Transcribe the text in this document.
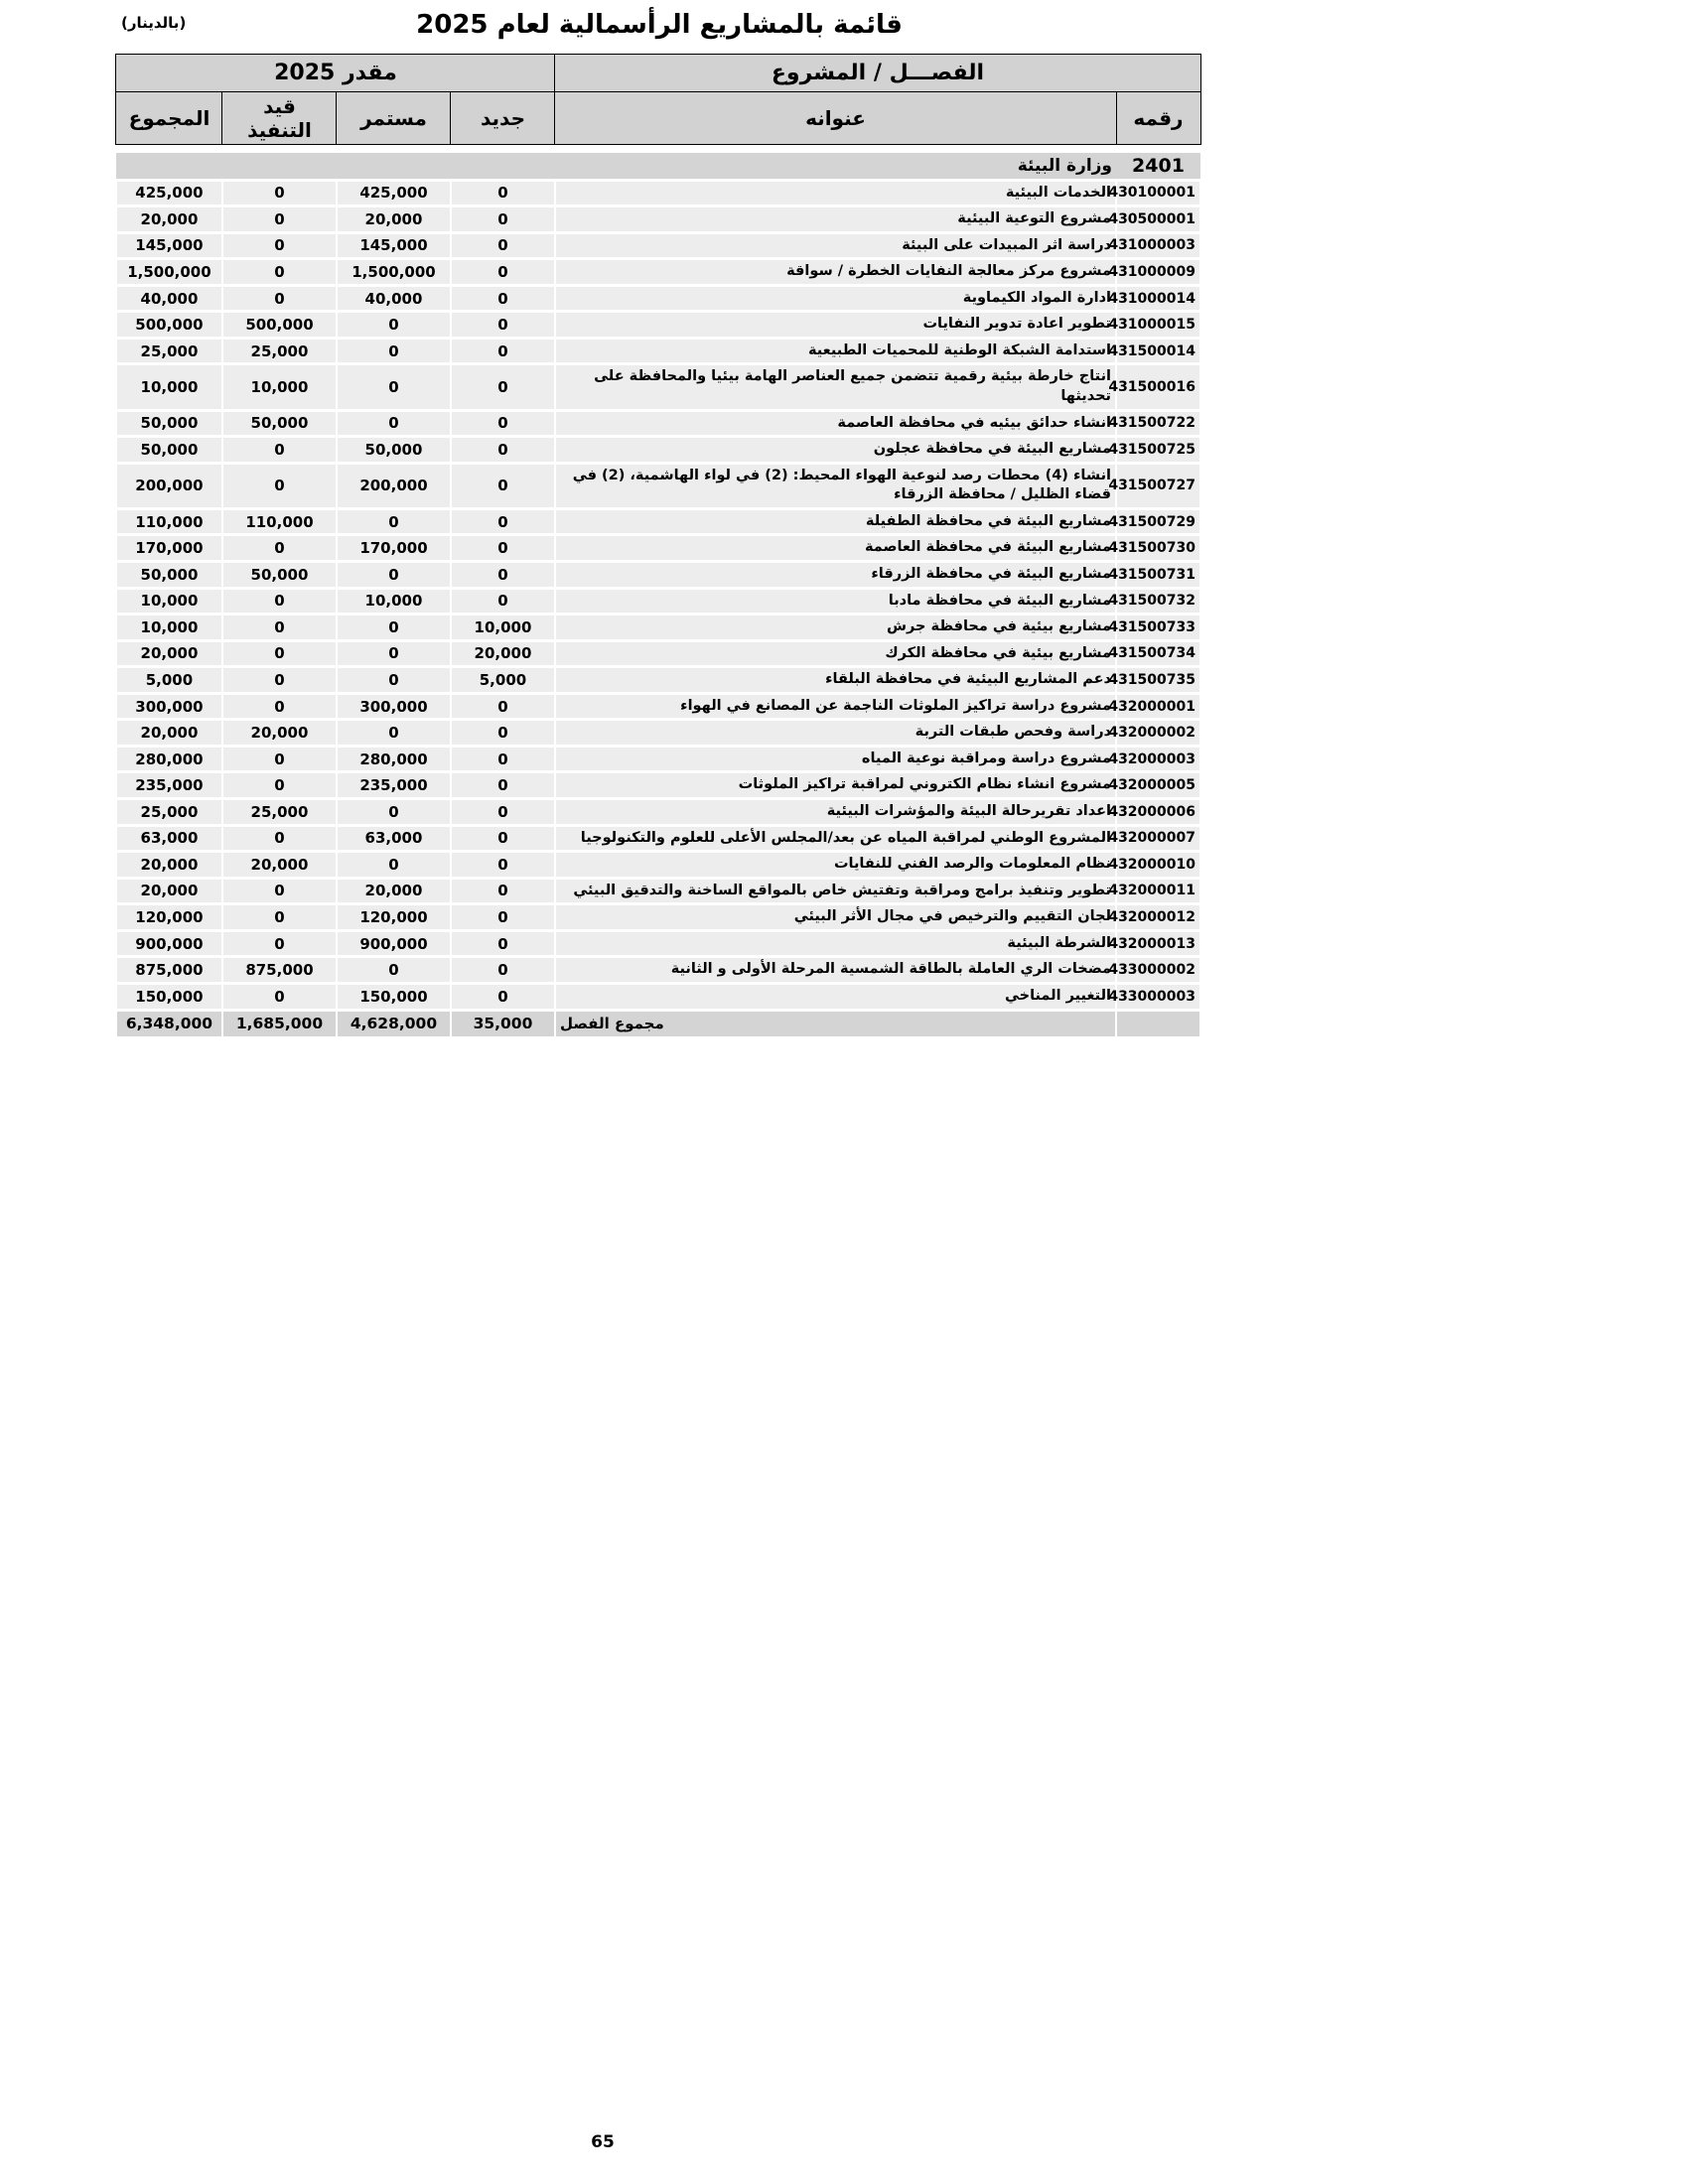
(بالدينار)	قائمة بالمشاريع الرأسمالية لعام 2025
الفصـــل / المشروع		مقدر 2025			
رقمه	عنوانه	جديد	مستمر	قيد التنفيذ	المجموع

2401	وزارة البيئة				
430100001	الخدمات البيئية	0	425,000	0	425,000
430500001	مشروع التوعية البيئية	0	20,000	0	20,000
431000003	دراسة اثر المبيدات على البيئة	0	145,000	0	145,000
431000009	مشروع مركز معالجة النفايات الخطرة / سواقة	0	1,500,000	0	1,500,000
431000014	ادارة المواد الكيماوية	0	40,000	0	40,000
431000015	تطوير اعادة تدوير النفايات	0	0	500,000	500,000
431500014	استدامة الشبكة الوطنية للمحميات الطبيعية	0	0	25,000	25,000
431500016	انتاج خارطة بيئية رقمية تتضمن جميع العناصر الهامة بيئيا والمحافظة على تحديثها	0	0	10,000	10,000
431500722	انشاء حدائق بيئيه في محافظة العاصمة	0	0	50,000	50,000
431500725	مشاريع البيئة في محافظة عجلون	0	50,000	0	50,000
431500727	انشاء (4) محطات رصد لنوعية الهواء المحيط: (2) في لواء الهاشمية، (2) في قضاء الظليل / محافظة الزرقاء	0	200,000	0	200,000
431500729	مشاريع البيئة في محافظة الطفيلة	0	0	110,000	110,000
431500730	مشاريع البيئة في محافظة العاصمة	0	170,000	0	170,000
431500731	مشاريع البيئة في محافظة الزرقاء	0	0	50,000	50,000
431500732	مشاريع البيئة في محافظة مادبا	0	10,000	0	10,000
431500733	مشاريع بيئية في محافظة جرش	10,000	0	0	10,000
431500734	مشاريع بيئية في محافظة الكرك	20,000	0	0	20,000
431500735	دعم المشاريع البيئية في محافظة البلقاء	5,000	0	0	5,000
432000001	مشروع دراسة تراكيز الملوثات الناجمة عن المصانع في الهواء	0	300,000	0	300,000
432000002	دراسة وفحص طبقات التربة	0	0	20,000	20,000
432000003	مشروع دراسة ومراقبة نوعية المياه	0	280,000	0	280,000
432000005	مشروع انشاء نظام الكتروني لمراقبة تراكيز الملوثات	0	235,000	0	235,000
432000006	اعداد تقريرحالة البيئة والمؤشرات البيئية	0	0	25,000	25,000
432000007	المشروع الوطني لمراقبة المياه عن بعد/المجلس الأعلى للعلوم والتكنولوجيا	0	63,000	0	63,000
432000010	نظام المعلومات والرصد الفني للنفايات	0	0	20,000	20,000
432000011	تطوير وتنفيذ برامج ومراقبة وتفتيش خاص بالمواقع الساخنة والتدقيق البيئي	0	20,000	0	20,000
432000012	لجان التقييم والترخيص في مجال الأثر البيئي	0	120,000	0	120,000
432000013	الشرطة البيئية	0	900,000	0	900,000
433000002	مضخات الري العاملة بالطاقة الشمسية المرحلة الأولى و الثانية	0	0	875,000	875,000
433000003	التغيير المناخي	0	150,000	0	150,000
	مجموع الفصل	35,000	4,628,000	1,685,000	6,348,000
65
